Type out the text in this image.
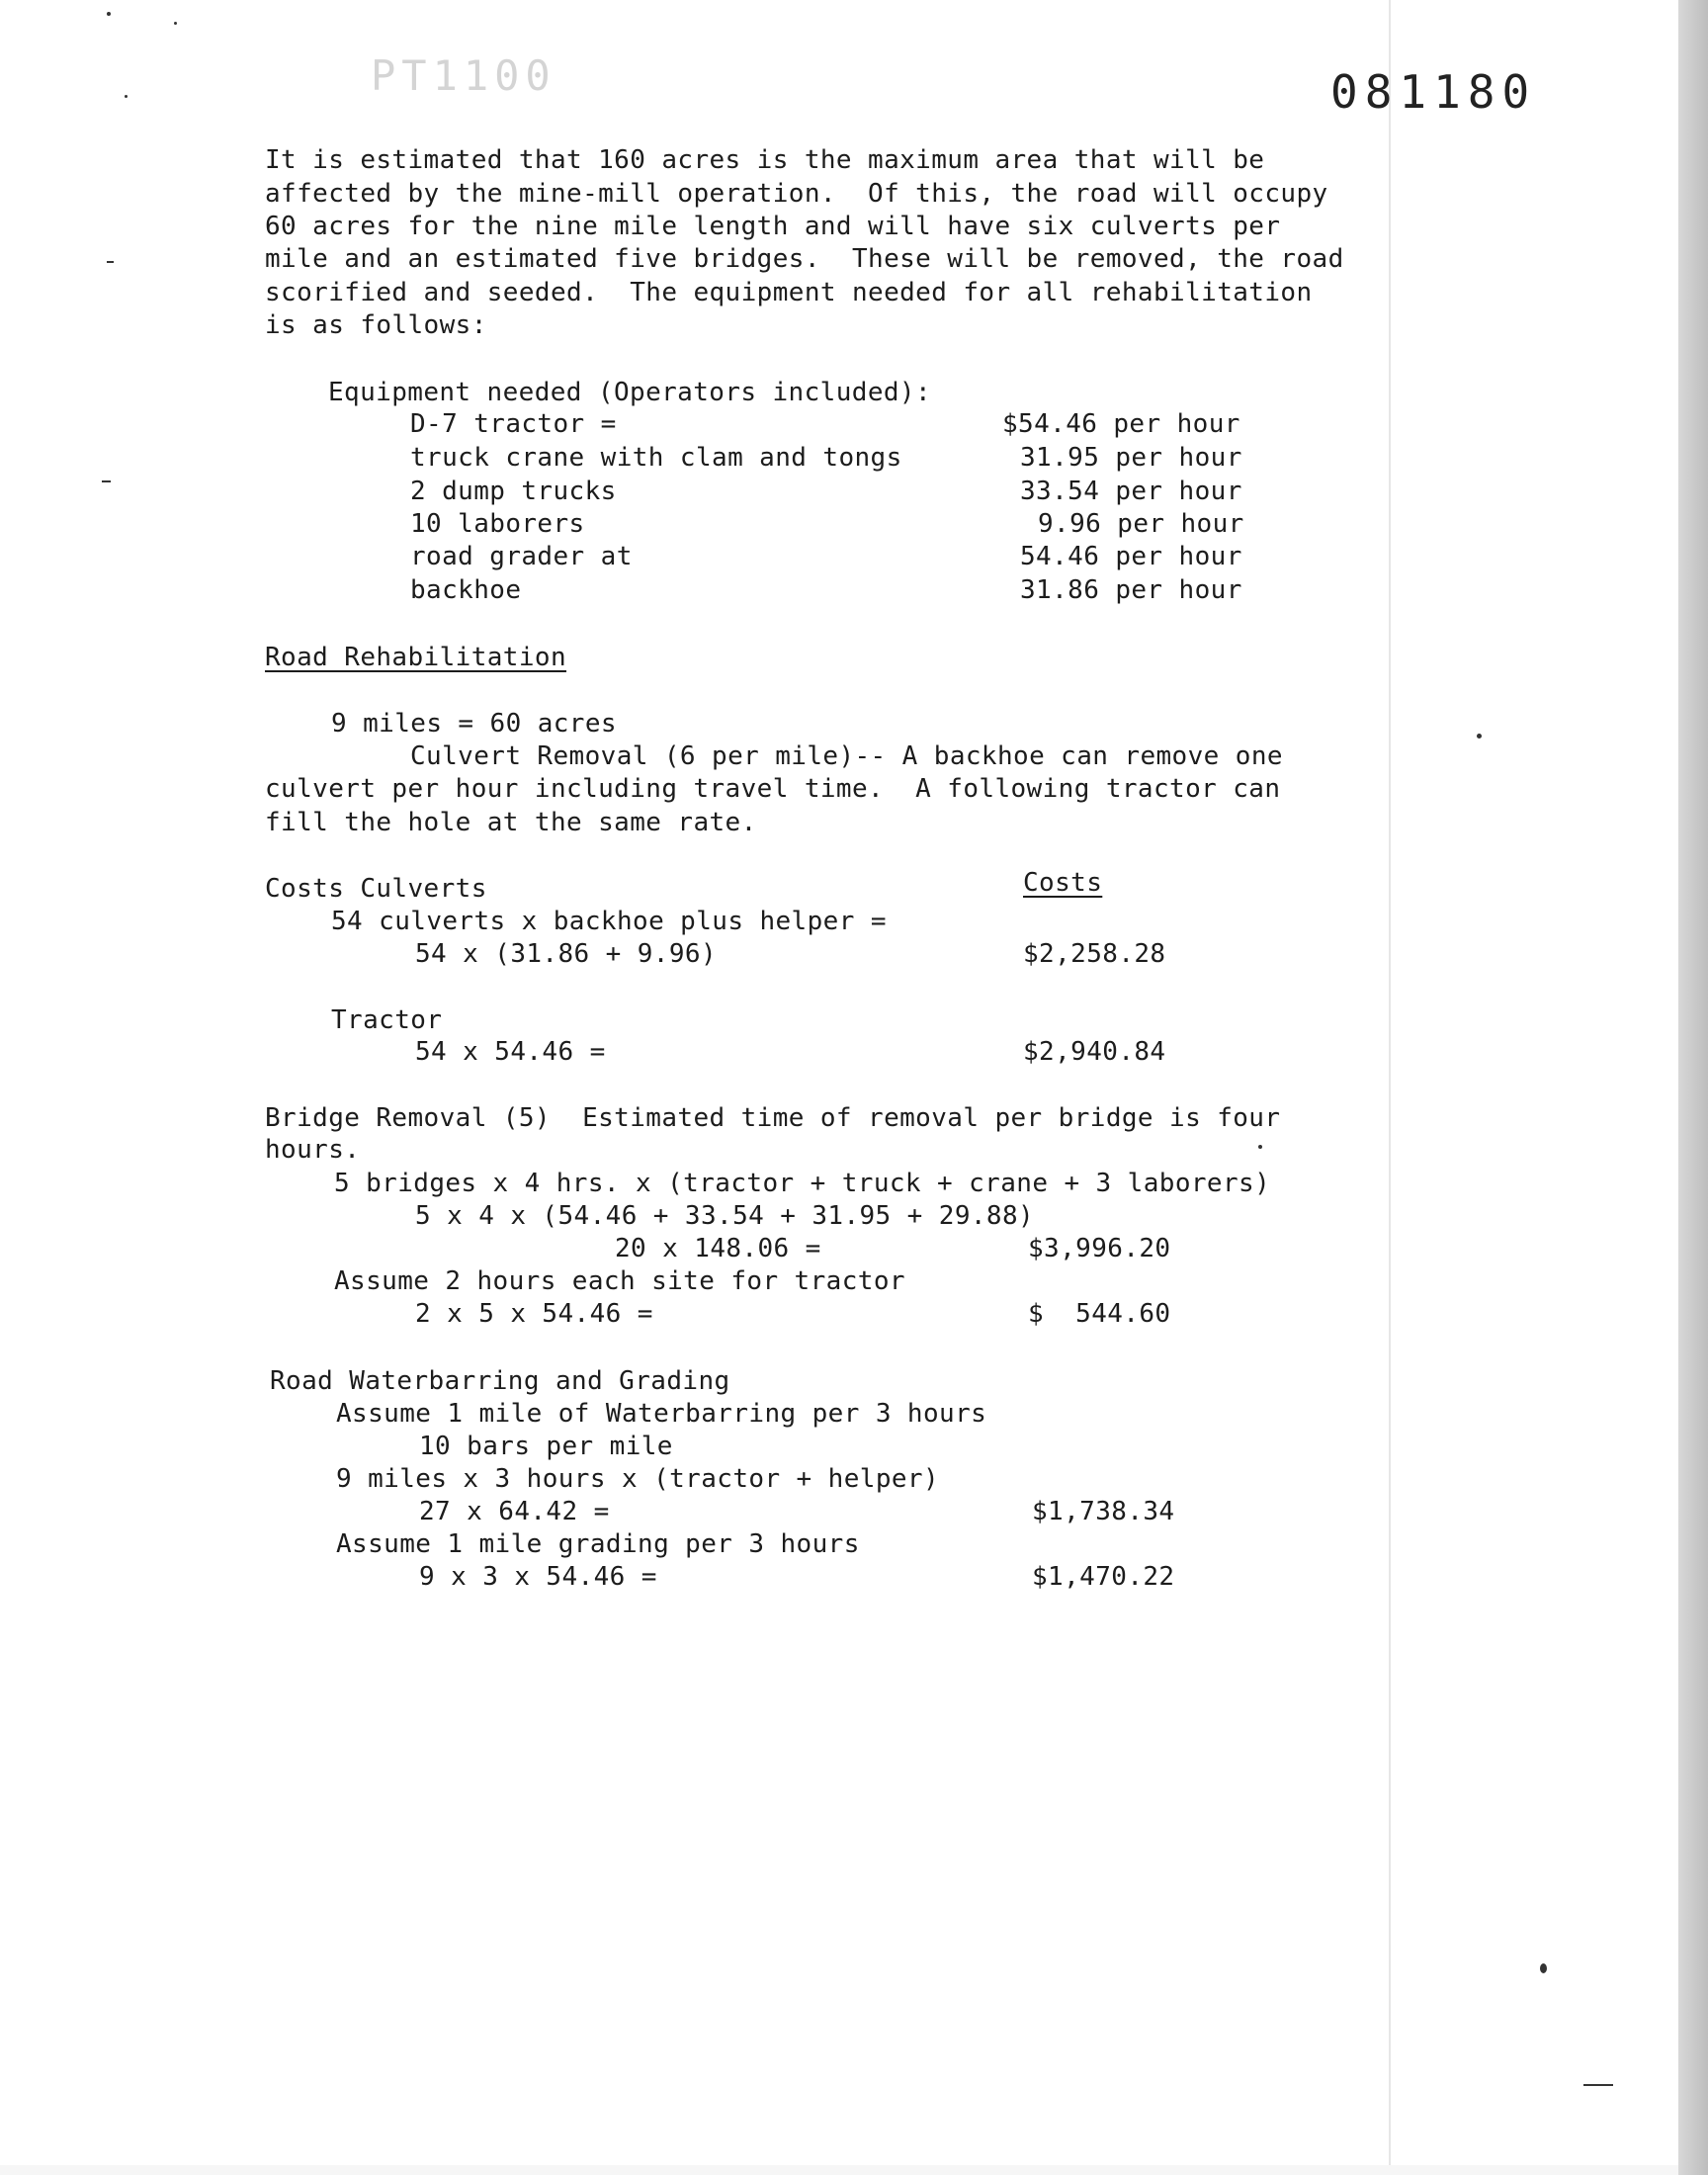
PT1100	081180
It is estimated that 160 acres is the maximum area that will be
affected by the mine-mill operation.  Of this, the road will occupy
60 acres for the nine mile length and will have six culverts per
mile and an estimated five bridges.  These will be removed, the road
scorified and seeded.  The equipment needed for all rehabilitation
is as follows:
Equipment needed (Operators included):
D-7 tractor =	$54.46 per hour
truck crane with clam and tongs	31.95 per hour
2 dump trucks	33.54 per hour
10 laborers	9.96 per hour
road grader at	54.46 per hour
backhoe	31.86 per hour
Road Rehabilitation
9 miles = 60 acres
Culvert Removal (6 per mile)-- A backhoe can remove one
culvert per hour including travel time.  A following tractor can
fill the hole at the same rate.
Costs Culverts	Costs
54 culverts x backhoe plus helper =
54 x (31.86 + 9.96)	$2,258.28
Tractor
54 x 54.46 =	$2,940.84
Bridge Removal (5)  Estimated time of removal per bridge is four
hours.
5 bridges x 4 hrs. x (tractor + truck + crane + 3 laborers)
5 x 4 x (54.46 + 33.54 + 31.95 + 29.88)
20 x 148.06 =	$3,996.20
Assume 2 hours each site for tractor
2 x 5 x 54.46 =	$  544.60
Road Waterbarring and Grading
Assume 1 mile of Waterbarring per 3 hours
10 bars per mile
9 miles x 3 hours x (tractor + helper)
27 x 64.42 =	$1,738.34
Assume 1 mile grading per 3 hours
9 x 3 x 54.46 =	$1,470.22
